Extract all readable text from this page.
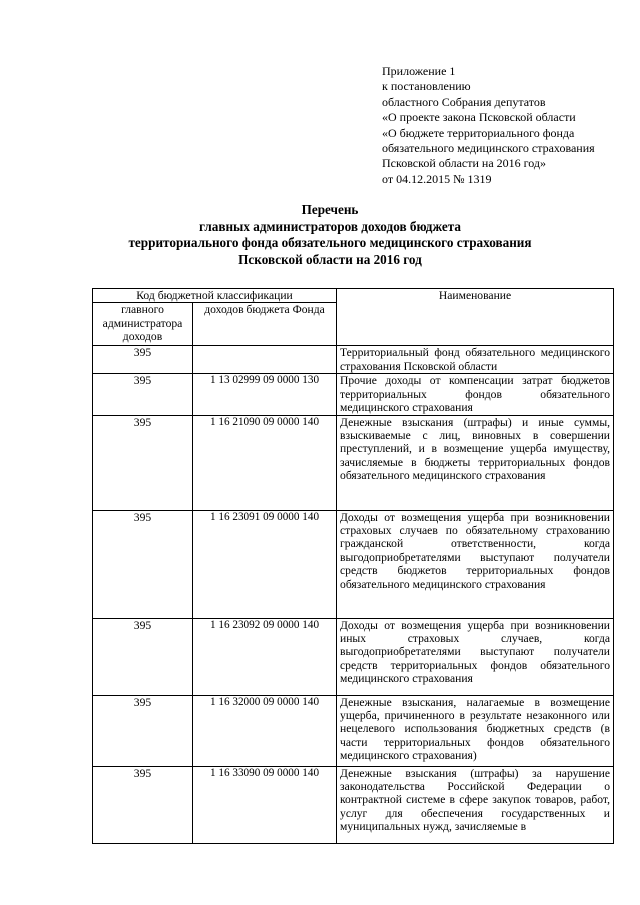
Приложение 1
к постановлению
областного Собрания депутатов
«О проекте закона Псковской области
«О бюджете территориального фонда
обязательного медицинского страхования
Псковской области на 2016 год»
от 04.12.2015 № 1319
Перечень
главных администраторов доходов бюджета
территориального фонда обязательного медицинского страхования
Псковской области на 2016 год
Код бюджетной классификации		Наименование
главного администратора доходов	доходов бюджета Фонда	
395		Территориальный фонд обязательного медицинского страхования Псковской области
395	1 13 02999 09 0000 130	Прочие доходы от компенсации затрат бюджетов территориальных фондов обязательного медицинского страхования
395	1 16 21090 09 0000 140	Денежные взыскания (штрафы) и иные суммы, взыскиваемые с лиц, виновных в совершении преступлений, и в возмещение ущерба имуществу, зачисляемые в бюджеты территориальных фондов обязательного медицинского страхования
395	1 16 23091 09 0000 140	Доходы от возмещения ущерба при возникновении страховых случаев по обязательному страхованию гражданской ответственности, когда выгодоприобретателями выступают получатели средств бюджетов территориальных фондов обязательного медицинского страхования
395	1 16 23092 09 0000 140	Доходы от возмещения ущерба при возникновении иных страховых случаев, когда выгодоприобретателями выступают получатели средств территориальных фондов обязательного медицинского страхования
395	1 16 32000 09 0000 140	Денежные взыскания, налагаемые в возмещение ущерба, причиненного в результате незаконного или нецелевого использования бюджетных средств (в части территориальных фондов обязательного медицинского страхования)
395	1 16 33090 09 0000 140	Денежные взыскания (штрафы) за нарушение законодательства Российской Федерации о контрактной системе в сфере закупок товаров, работ, услуг для обеспечения государственных и муниципальных нужд, зачисляемые в
